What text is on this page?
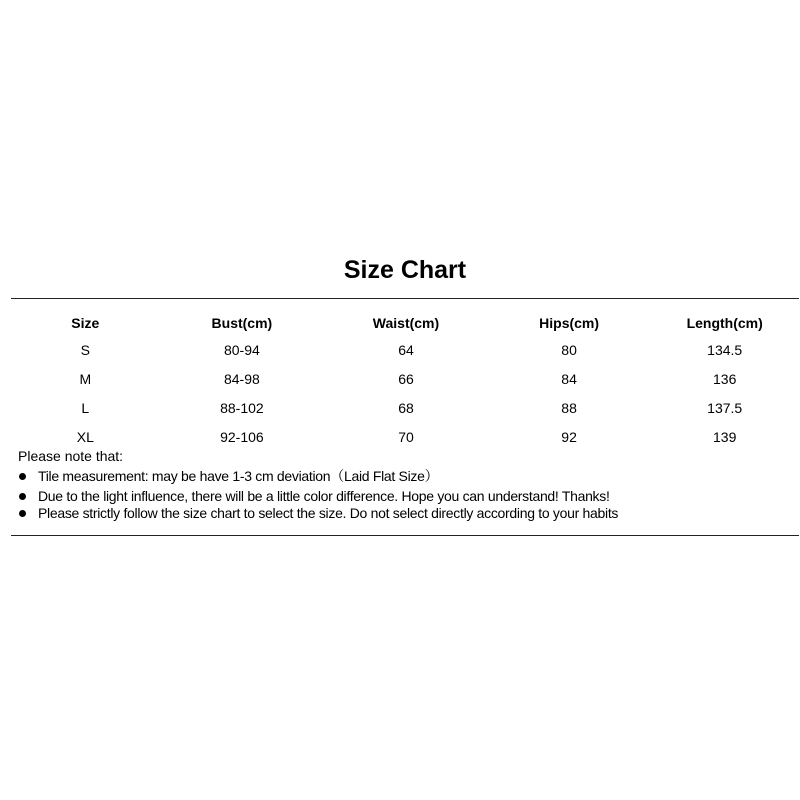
Size Chart
Size	Bust(cm)	Waist(cm)	Hips(cm)	Length(cm)
S	80-94	64	80	134.5
M	84-98	66	84	136
L	88-102	68	88	137.5
XL	92-106	70	92	139
Please note that:
Tile measurement: may be have 1-3 cm deviation（Laid Flat Size）
Due to the light influence, there will be a little color difference. Hope you can understand! Thanks!
Please strictly follow the size chart to select the size. Do not select directly according to your habits
